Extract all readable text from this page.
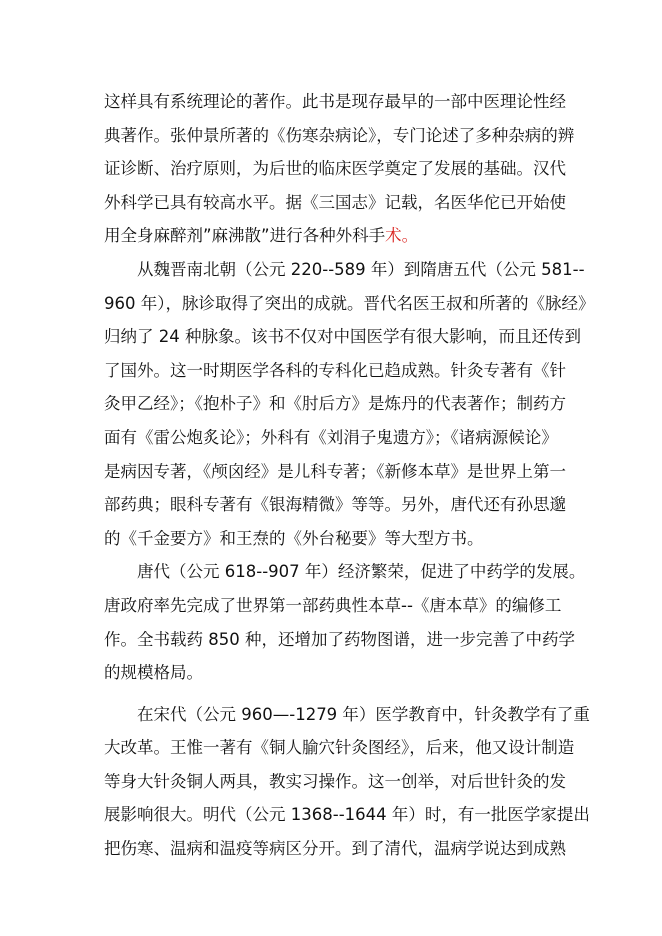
这样具有系统理论的著作。此书是现存最早的一部中医理论性经
典著作。张仲景所著的《伤寒杂病论》，专门论述了多种杂病的辨
证诊断、治疗原则，为后世的临床医学奠定了发展的基础。汉代
外科学已具有较高水平。据《三国志》记载，名医华佗已开始使
用全身麻醉剂”麻沸散”进行各种外科手术。
从魏晋南北朝（公元 220--589 年）到隋唐五代（公元 581--
960 年），脉诊取得了突出的成就。晋代名医王叔和所著的《脉经》
归纳了 24 种脉象。该书不仅对中国医学有很大影响，而且还传到
了国外。这一时期医学各科的专科化已趋成熟。针灸专著有《针
灸甲乙经》；《抱朴子》和《肘后方》是炼丹的代表著作；制药方
面有《雷公炮炙论》；外科有《刘涓子鬼遗方》；《诸病源候论》
是病因专著，《颅囟经》是儿科专著；《新修本草》是世界上第一
部药典；眼科专著有《银海精微》等等。另外，唐代还有孙思邈
的《千金要方》和王焘的《外台秘要》等大型方书。
唐代（公元 618--907 年）经济繁荣，促进了中药学的发展。
唐政府率先完成了世界第一部药典性本草--《唐本草》的编修工
作。全书载药 850 种，还增加了药物图谱，进一步完善了中药学
的规模格局。
在宋代（公元 960—-1279 年）医学教育中，针灸教学有了重
大改革。王惟一著有《铜人腧穴针灸图经》，后来，他又设计制造
等身大针灸铜人两具，教实习操作。这一创举，对后世针灸的发
展影响很大。明代（公元 1368--1644 年）时，有一批医学家提出
把伤寒、温病和温疫等病区分开。到了清代，温病学说达到成熟
